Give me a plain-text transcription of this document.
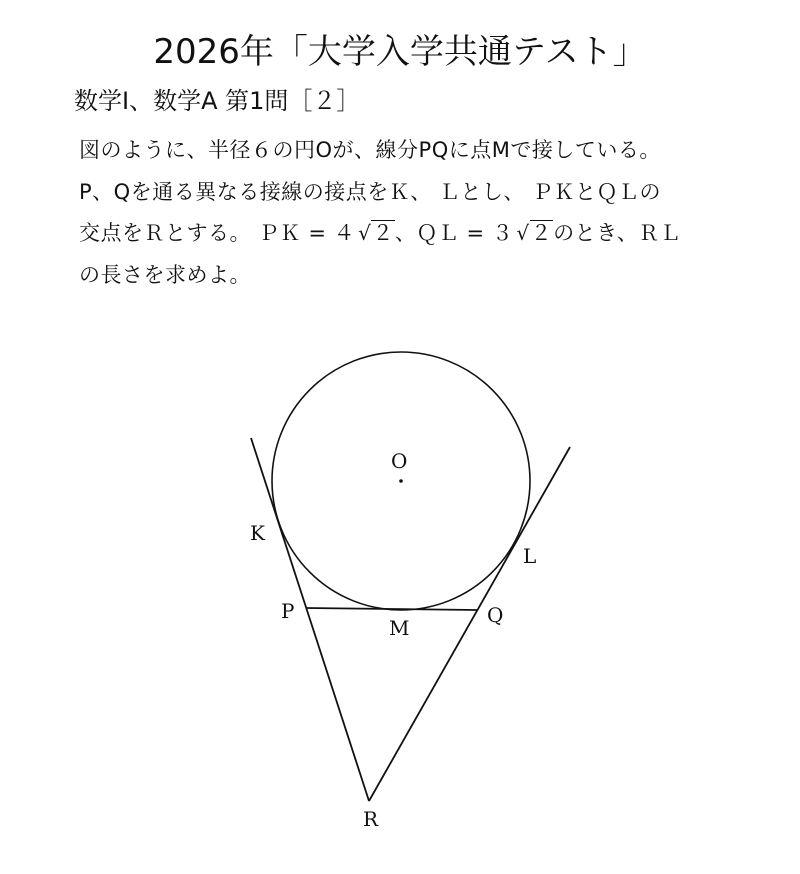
2026年「大学入学共通テスト」
数学Ⅰ、数学A 第1問［２］
図のように、半径６の円Oが、線分PQに点Mで接している。
P、Qを通る異なる接線の接点をＫ、 Ｌとし、 ＰＫとＱＬの
交点をＲとする。 ＰＫ = ４ √２、ＱＬ = ３ √２のとき、ＲＬ
の長さを求めよ。
O
K
L
P
M
Q
R
